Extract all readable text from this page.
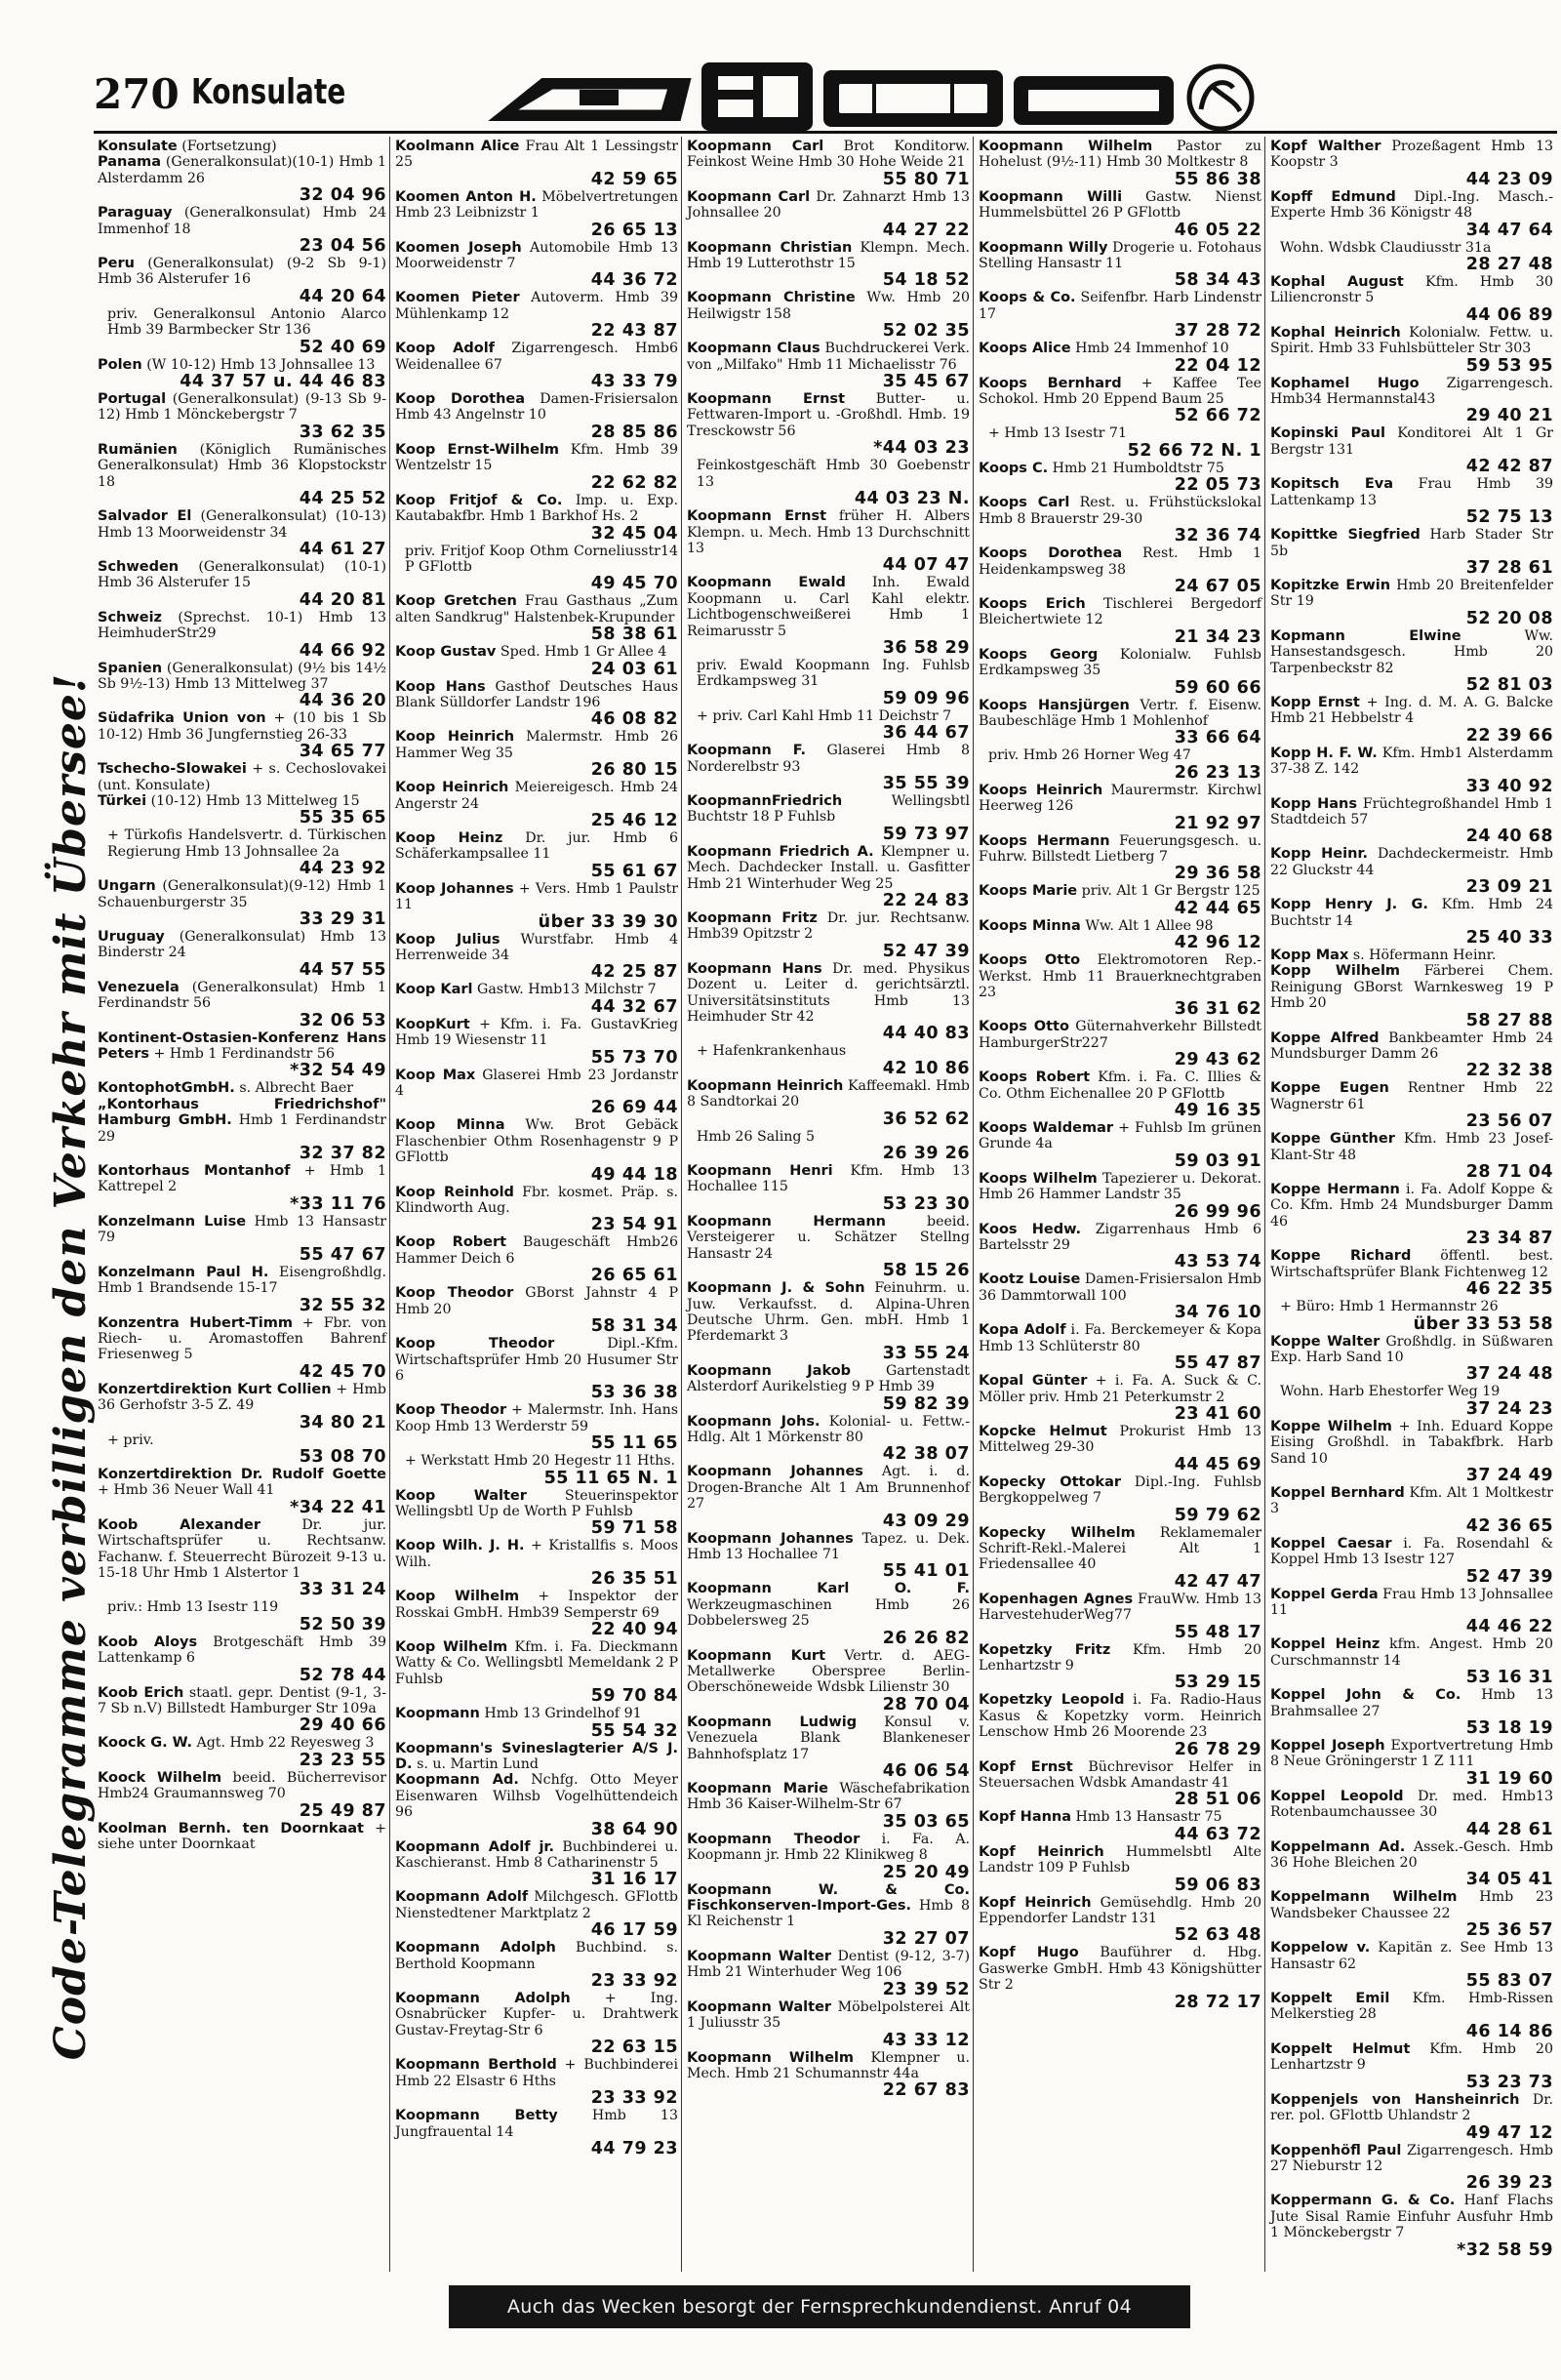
Code-Telegramme verbilligen den Verkehr mit Übersee!
270 Konsulate
Konsulate (Fortsetzung)
Panama (Generalkonsulat)(10-1) Hmb 1 Alsterdamm 26
32 04 96
Paraguay (Generalkonsulat) Hmb 24 Immenhof 18
23 04 56
Peru (Generalkonsulat) (9-2 Sb 9-1) Hmb 36 Alsterufer 16
44 20 64
priv. Generalkonsul Antonio Alarco Hmb 39 Barmbecker Str 136
52 40 69
Polen (W 10-12) Hmb 13 Johnsallee 13
44 37 57 u. 44 46 83
Portugal (Generalkonsulat) (9-13 Sb 9-12) Hmb 1 Mönckebergstr 7
33 62 35
Rumänien (Königlich Rumänisches Generalkonsulat) Hmb 36 Klopstockstr 18
44 25 52
Salvador El (Generalkonsulat) (10-13) Hmb 13 Moorweidenstr 34
44 61 27
Schweden (Generalkonsulat) (10-1) Hmb 36 Alsterufer 15
44 20 81
Schweiz (Sprechst. 10-1) Hmb 13 HeimhuderStr29
44 66 92
Spanien (Generalkonsulat) (9½ bis 14½ Sb 9½-13) Hmb 13 Mittelweg 37
44 36 20
Südafrika Union von + (10 bis 1 Sb 10-12) Hmb 36 Jungfernstieg 26-33
34 65 77
Tschecho-Slowakei + s. Cechoslovakei (unt. Konsulate)
Türkei (10-12) Hmb 13 Mittelweg 15
55 35 65
+ Türkofis Handelsvertr. d. Türkischen Regierung Hmb 13 Johnsallee 2a
44 23 92
Ungarn (Generalkonsulat)(9-12) Hmb 1 Schauenburgerstr 35
33 29 31
Uruguay (Generalkonsulat) Hmb 13 Binderstr 24
44 57 55
Venezuela (Generalkonsulat) Hmb 1 Ferdinandstr 56
32 06 53
Kontinent-Ostasien-Konferenz Hans Peters + Hmb 1 Ferdinandstr 56
*32 54 49
KontophotGmbH. s. Albrecht Baer
„Kontorhaus Friedrichshof" Hamburg GmbH. Hmb 1 Ferdinandstr 29
32 37 82
Kontorhaus Montanhof + Hmb 1 Kattrepel 2
*33 11 76
Konzelmann Luise Hmb 13 Hansastr 79
55 47 67
Konzelmann Paul H. Eisengroßhdlg. Hmb 1 Brandsende 15-17
32 55 32
Konzentra Hubert-Timm + Fbr. von Riech- u. Aromastoffen Bahrenf Friesenweg 5
42 45 70
Konzertdirektion Kurt Collien + Hmb 36 Gerhofstr 3-5 Z. 49
34 80 21
+ priv.
53 08 70
Konzertdirektion Dr. Rudolf Goette + Hmb 36 Neuer Wall 41
*34 22 41
Koob Alexander	Dr. jur. Wirtschaftsprüfer u. Rechtsanw. Fachanw. f. Steuerrecht Bürozeit 9-13 u. 15-18 Uhr Hmb 1 Alstertor 1
33 31 24
priv.: Hmb 13 Isestr 119
52 50 39
Koob Aloys Brotgeschäft Hmb 39 Lattenkamp 6
52 78 44
Koob Erich staatl. gepr. Dentist (9-1, 3-7 Sb n.V) Billstedt Hamburger Str 109a
29 40 66
Koock G. W. Agt. Hmb 22 Reyesweg 3
23 23 55
Koock Wilhelm beeid. Bücherrevisor Hmb24 Graumannsweg 70
25 49 87
Koolman Bernh. ten Doornkaat + siehe unter Doornkaat
Koolmann Alice Frau Alt 1 Lessingstr 25
42 59 65
Koomen Anton H. Möbelvertretungen Hmb 23 Leibnizstr 1
26 65 13
Koomen Joseph Automobile Hmb 13 Moorweidenstr 7
44 36 72
Koomen Pieter Autoverm. Hmb 39 Mühlenkamp 12
22 43 87
Koop Adolf Zigarrengesch. Hmb6 Weidenallee 67
43 33 79
Koop Dorothea Damen-Frisiersalon Hmb 43 Angelnstr 10
28 85 86
Koop Ernst-Wilhelm Kfm. Hmb 39 Wentzelstr 15
22 62 82
Koop Fritjof & Co. Imp. u. Exp. Kautabakfbr. Hmb 1 Barkhof Hs. 2
32 45 04
priv. Fritjof Koop Othm Corneliusstr14 P GFlottb
49 45 70
Koop Gretchen Frau Gasthaus „Zum alten Sandkrug" Halstenbek-Krupunder
58 38 61
Koop Gustav Sped. Hmb 1 Gr Allee 4
24 03 61
Koop Hans Gasthof Deutsches Haus Blank Sülldorfer Landstr 196
46 08 82
Koop Heinrich Malermstr. Hmb 26 Hammer Weg 35
26 80 15
Koop Heinrich Meiereigesch. Hmb 24 Angerstr 24
25 46 12
Koop Heinz Dr. jur. Hmb 6 Schäferkampsallee 11
55 61 67
Koop Johannes + Vers. Hmb 1 Paulstr 11
über 33 39 30
Koop Julius Wurstfabr. Hmb 4 Herrenweide 34
42 25 87
Koop Karl Gastw. Hmb13 Milchstr 7
44 32 67
KoopKurt + Kfm. i. Fa. GustavKrieg Hmb 19 Wiesenstr 11
55 73 70
Koop Max Glaserei Hmb 23 Jordanstr 4
26 69 44
Koop Minna Ww. Brot Gebäck Flaschenbier Othm Rosenhagenstr 9 P GFlottb
49 44 18
Koop Reinhold Fbr. kosmet. Präp. s. Klindworth Aug.
23 54 91
Koop Robert Baugeschäft Hmb26 Hammer Deich 6
26 65 61
Koop Theodor GBorst Jahnstr 4 P Hmb 20
58 31 34
Koop Theodor	Dipl.-Kfm. Wirtschaftsprüfer Hmb 20 Husumer Str 6
53 36 38
Koop Theodor + Malermstr. Inh. Hans Koop Hmb 13 Werderstr 59
55 11 65
+ Werkstatt Hmb 20 Hegestr 11 Hths.
55 11 65 N. 1
Koop Walter	Steuerinspektor Wellingsbtl Up de Worth P Fuhlsb
59 71 58
Koop Wilh. J. H. + Kristallfis s. Moos Wilh.
26 35 51
Koop Wilhelm + Inspektor der Rosskai GmbH. Hmb39 Semperstr 69
22 40 94
Koop Wilhelm Kfm. i. Fa. Dieckmann Watty & Co. Wellingsbtl Memeldank 2 P Fuhlsb
59 70 84
Koopmann Hmb 13 Grindelhof 91
55 54 32
Koopmann's Svineslagterier A/S J. D. s. u. Martin Lund
Koopmann Ad. Nchfg. Otto Meyer Eisenwaren Wilhsb Vogelhüttendeich 96
38 64 90
Koopmann Adolf jr. Buchbinderei u. Kaschieranst. Hmb 8 Catharinenstr 5
31 16 17
Koopmann Adolf Milchgesch. GFlottb Nienstedtener Marktplatz 2
46 17 59
Koopmann Adolph Buchbind. s. Berthold Koopmann
23 33 92
Koopmann Adolph + Ing. Osnabrücker Kupfer- u. Drahtwerk Gustav-Freytag-Str 6
22 63 15
Koopmann Berthold + Buchbinderei Hmb 22 Elsastr 6 Hths
23 33 92
Koopmann Betty Hmb 13 Jungfrauental 14
44 79 23
Koopmann Carl Brot Konditorw. Feinkost Weine Hmb 30 Hohe Weide 21
55 80 71
Koopmann Carl Dr. Zahnarzt Hmb 13 Johnsallee 20
44 27 22
Koopmann Christian Klempn. Mech. Hmb 19 Lutterothstr 15
54 18 52
Koopmann Christine Ww. Hmb 20 Heilwigstr 158
52 02 35
Koopmann Claus Buchdruckerei Verk. von „Milfako" Hmb 11 Michaelisstr 76
35 45 67
Koopmann Ernst Butter- u. Fettwaren-Import u. -Großhdl. Hmb. 19 Tresckowstr 56
*44 03 23
Feinkostgeschäft Hmb 30 Goebenstr 13
44 03 23 N.
Koopmann Ernst früher H. Albers Klempn. u. Mech. Hmb 13 Durchschnitt 13
44 07 47
Koopmann Ewald Inh. Ewald Koopmann u. Carl Kahl elektr. Lichtbogenschweißerei Hmb 1 Reimarusstr 5
36 58 29
priv. Ewald Koopmann Ing. Fuhlsb Erdkampsweg 31
59 09 96
+ priv. Carl Kahl Hmb 11 Deichstr 7
36 44 67
Koopmann F. Glaserei Hmb 8 Norderelbstr 93
35 55 39
KoopmannFriedrich	Wellingsbtl Buchtstr 18 P Fuhlsb
59 73 97
Koopmann Friedrich A. Klempner u. Mech. Dachdecker Install. u. Gasfitter Hmb 21 Winterhuder Weg 25
22 24 83
Koopmann Fritz Dr. jur. Rechtsanw. Hmb39 Opitzstr 2
52 47 39
Koopmann Hans Dr. med. Physikus Dozent u. Leiter d. gerichtsärztl. Universitätsinstituts Hmb 13 Heimhuder Str 42
44 40 83
+ Hafenkrankenhaus
42 10 86
Koopmann Heinrich Kaffeemakl. Hmb 8 Sandtorkai 20
36 52 62
Hmb 26 Saling 5
26 39 26
Koopmann Henri Kfm. Hmb 13 Hochallee 115
53 23 30
Koopmann Hermann	beeid. Versteigerer u. Schätzer Stellng Hansastr 24
58 15 26
Koopmann J. & Sohn Feinuhrm. u. Juw. Verkaufsst. d. Alpina-Uhren Deutsche Uhrm. Gen. mbH. Hmb 1 Pferdemarkt 3
33 55 24
Koopmann Jakob	Gartenstadt Alsterdorf Aurikelstieg 9 P Hmb 39
59 82 39
Koopmann Johs. Kolonial- u. Fettw.-Hdlg. Alt 1 Mörkenstr 80
42 38 07
Koopmann Johannes Agt. i. d. Drogen-Branche Alt 1 Am Brunnenhof 27
43 09 29
Koopmann Johannes Tapez. u. Dek. Hmb 13 Hochallee 71
55 41 01
Koopmann Karl O. F. Werkzeugmaschinen Hmb 26 Dobbelersweg 25
26 26 82
Koopmann Kurt Vertr. d. AEG-Metallwerke Oberspree Berlin-Oberschöneweide Wdsbk Lilienstr 30
28 70 04
Koopmann Ludwig Konsul v. Venezuela Blank Blankeneser Bahnhofsplatz 17
46 06 54
Koopmann Marie Wäschefabrikation Hmb 36 Kaiser-Wilhelm-Str 67
35 03 65
Koopmann Theodor i. Fa. A. Koopmann jr. Hmb 22 Klinikweg 8
25 20 49
Koopmann W. & Co. Fischkonserven-Import-Ges. Hmb 8 Kl Reichenstr 1
32 27 07
Koopmann Walter Dentist (9-12, 3-7) Hmb 21 Winterhuder Weg 106
23 39 52
Koopmann Walter Möbelpolsterei Alt 1 Juliusstr 35
43 33 12
Koopmann Wilhelm Klempner u. Mech. Hmb 21 Schumannstr 44a
22 67 83
Koopmann Wilhelm Pastor zu Hohelust (9½-11) Hmb 30 Moltkestr 8
55 86 38
Koopmann Willi Gastw. Nienst Hummelsbüttel 26 P GFlottb
46 05 22
Koopmann Willy Drogerie u. Fotohaus Stelling Hansastr 11
58 34 43
Koops & Co. Seifenfbr. Harb Lindenstr 17
37 28 72
Koops Alice Hmb 24 Immenhof 10
22 04 12
Koops Bernhard + Kaffee Tee Schokol. Hmb 20 Eppend Baum 25
52 66 72
+ Hmb 13 Isestr 71
52 66 72 N. 1
Koops C. Hmb 21 Humboldtstr 75
22 05 73
Koops Carl Rest. u. Frühstückslokal Hmb 8 Brauerstr 29-30
32 36 74
Koops Dorothea Rest. Hmb 1 Heidenkampsweg 38
24 67 05
Koops Erich Tischlerei Bergedorf Bleichertwiete 12
21 34 23
Koops Georg Kolonialw. Fuhlsb Erdkampsweg 35
59 60 66
Koops Hansjürgen Vertr. f. Eisenw. Baubeschläge Hmb 1 Mohlenhof
33 66 64
priv. Hmb 26 Horner Weg 47
26 23 13
Koops Heinrich Maurermstr. Kirchwl Heerweg 126
21 92 97
Koops Hermann Feuerungsgesch. u. Fuhrw. Billstedt Lietberg 7
29 36 58
Koops Marie priv. Alt 1 Gr Bergstr 125
42 44 65
Koops Minna Ww. Alt 1 Allee 98
42 96 12
Koops Otto Elektromotoren Rep.-Werkst. Hmb 11 Brauerknechtgraben 23
36 31 62
Koops Otto Güternahverkehr Billstedt HamburgerStr227
29 43 62
Koops Robert Kfm. i. Fa. C. Illies & Co. Othm Eichenallee 20 P GFlottb
49 16 35
Koops Waldemar + Fuhlsb Im grünen Grunde 4a
59 03 91
Koops Wilhelm Tapezierer u. Dekorat. Hmb 26 Hammer Landstr 35
26 99 96
Koos Hedw. Zigarrenhaus Hmb 6 Bartelsstr 29
43 53 74
Kootz Louise Damen-Frisiersalon Hmb 36 Dammtorwall 100
34 76 10
Kopa Adolf i. Fa. Berckemeyer & Kopa Hmb 13 Schlüterstr 80
55 47 87
Kopal Günter + i. Fa. A. Suck & C. Möller priv. Hmb 21 Peterkumstr 2
23 41 60
Kopcke Helmut Prokurist Hmb 13 Mittelweg 29-30
44 45 69
Kopecky Ottokar Dipl.-Ing. Fuhlsb Bergkoppelweg 7
59 79 62
Kopecky Wilhelm Reklamemaler Schrift-Rekl.-Malerei Alt 1 Friedensallee 40
42 47 47
Kopenhagen Agnes FrauWw. Hmb 13 HarvestehuderWeg77
55 48 17
Kopetzky Fritz Kfm. Hmb 20 Lenhartzstr 9
53 29 15
Kopetzky Leopold i. Fa. Radio-Haus Kasus & Kopetzky vorm. Heinrich Lenschow Hmb 26 Moorende 23
26 78 29
Kopf Ernst Büchrevisor Helfer in Steuersachen Wdsbk Amandastr 41
28 51 06
Kopf Hanna Hmb 13 Hansastr 75
44 63 72
Kopf Heinrich Hummelsbtl Alte Landstr 109 P Fuhlsb
59 06 83
Kopf Heinrich Gemüsehdlg. Hmb 20 Eppendorfer Landstr 131
52 63 48
Kopf Hugo Bauführer d. Hbg. Gaswerke GmbH. Hmb 43 Königshütter Str 2
28 72 17
Kopf Walther Prozeßagent Hmb 13 Koopstr 3
44 23 09
Kopff Edmund Dipl.-Ing. Masch.-Experte Hmb 36 Königstr 48
34 47 64
Wohn. Wdsbk Claudiusstr 31a
28 27 48
Kophal August Kfm. Hmb 30 Liliencronstr 5
44 06 89
Kophal Heinrich Kolonialw. Fettw. u. Spirit. Hmb 33 Fuhlsbütteler Str 303
59 53 95
Kophamel Hugo Zigarrengesch. Hmb34 Hermannstal43
29 40 21
Kopinski Paul Konditorei Alt 1 Gr Bergstr 131
42 42 87
Kopitsch Eva Frau Hmb 39 Lattenkamp 13
52 75 13
Kopittke Siegfried Harb Stader Str 5b
37 28 61
Kopitzke Erwin Hmb 20 Breitenfelder Str 19
52 20 08
Kopmann Elwine	Ww. Hansestandsgesch. Hmb 20 Tarpenbeckstr 82
52 81 03
Kopp Ernst + Ing. d. M. A. G. Balcke Hmb 21 Hebbelstr 4
22 39 66
Kopp H. F. W. Kfm. Hmb1 Alsterdamm 37-38 Z. 142
33 40 92
Kopp Hans Früchtegroßhandel Hmb 1 Stadtdeich 57
24 40 68
Kopp Heinr. Dachdeckermeistr. Hmb 22 Gluckstr 44
23 09 21
Kopp Henry J. G. Kfm. Hmb 24 Buchtstr 14
25 40 33
Kopp Max s. Höfermann Heinr.
Kopp Wilhelm Färberei Chem. Reinigung GBorst Warnkesweg 19 P Hmb 20
58 27 88
Koppe Alfred Bankbeamter Hmb 24 Mundsburger Damm 26
22 32 38
Koppe Eugen Rentner Hmb 22 Wagnerstr 61
23 56 07
Koppe Günther Kfm. Hmb 23 Josef-Klant-Str 48
28 71 04
Koppe Hermann i. Fa. Adolf Koppe & Co. Kfm. Hmb 24 Mundsburger Damm 46
23 34 87
Koppe Richard öffentl. best. Wirtschaftsprüfer Blank Fichtenweg 12
46 22 35
+ Büro: Hmb 1 Hermannstr 26
über 33 53 58
Koppe Walter Großhdlg. in Süßwaren Exp. Harb Sand 10
37 24 48
Wohn. Harb Ehestorfer Weg 19
37 24 23
Koppe Wilhelm + Inh. Eduard Koppe Eising Großhdl. in Tabakfbrk. Harb Sand 10
37 24 49
Koppel Bernhard Kfm. Alt 1 Moltkestr 3
42 36 65
Koppel Caesar i. Fa. Rosendahl & Koppel Hmb 13 Isestr 127
52 47 39
Koppel Gerda Frau Hmb 13 Johnsallee 11
44 46 22
Koppel Heinz kfm. Angest. Hmb 20 Curschmannstr 14
53 16 31
Koppel John & Co. Hmb 13 Brahmsallee 27
53 18 19
Koppel Joseph Exportvertretung Hmb 8 Neue Gröningerstr 1 Z 111
31 19 60
Koppel Leopold Dr. med. Hmb13 Rotenbaumchaussee 30
44 28 61
Koppelmann Ad. Assek.-Gesch. Hmb 36 Hohe Bleichen 20
34 05 41
Koppelmann Wilhelm Hmb 23 Wandsbeker Chaussee 22
25 36 57
Koppelow v. Kapitän z. See Hmb 13 Hansastr 62
55 83 07
Koppelt Emil Kfm. Hmb-Rissen Melkerstieg 28
46 14 86
Koppelt Helmut Kfm. Hmb 20 Lenhartzstr 9
53 23 73
Koppenjels von Hansheinrich Dr. rer. pol. GFlottb Uhlandstr 2
49 47 12
Koppenhöfl Paul Zigarrengesch. Hmb 27 Nieburstr 12
26 39 23
Koppermann G. & Co. Hanf Flachs Jute Sisal Ramie Einfuhr Ausfuhr Hmb 1 Mönckebergstr 7
*32 58 59
Auch das Wecken besorgt der Fernsprechkundendienst. Anruf 04
